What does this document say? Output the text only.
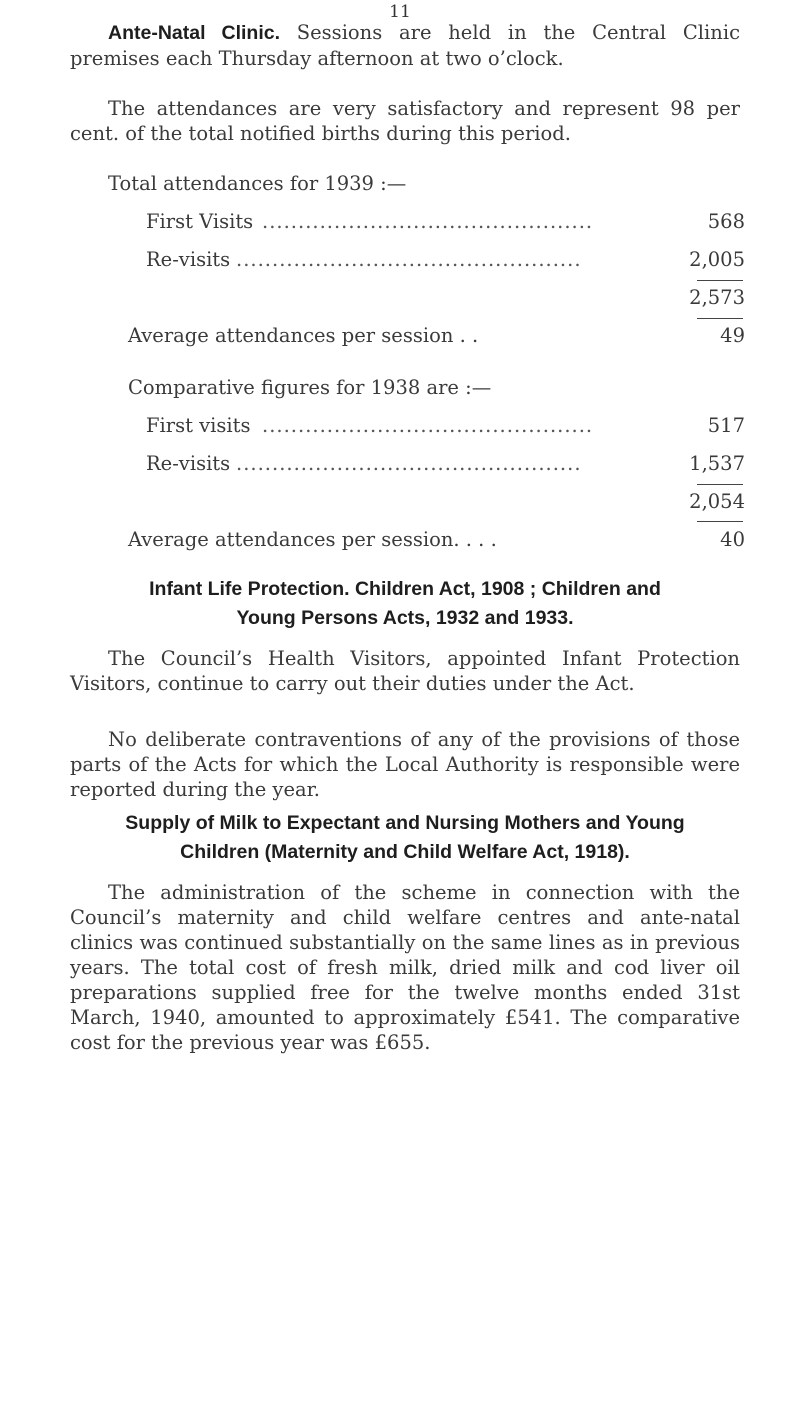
11
Ante-Natal Clinic. Sessions are held in the Central Clinic premises each Thursday afternoon at two o’clock.
The attendances are very satisfactory and represent 98 per cent. of the total notified births during this period.
Total attendances for 1939 :—
First Visits ..............................................	568
Re-visits ................................................	2,005
2,573
Average attendances per session . .	49
Comparative figures for 1938 are :—
First visits ..............................................	517
Re-visits ................................................	1,537
2,054
Average attendances per session. . . .	40
Infant Life Protection. Children Act, 1908 ; Children and
Young Persons Acts, 1932 and 1933.
The Council’s Health Visitors, appointed Infant Protection Visitors, continue to carry out their duties under the Act.
No deliberate contraventions of any of the provisions of those parts of the Acts for which the Local Authority is responsible were reported during the year.
Supply of Milk to Expectant and Nursing Mothers and Young
Children (Maternity and Child Welfare Act, 1918).
The administration of the scheme in connection with the Council’s maternity and child welfare centres and ante-natal clinics was continued substantially on the same lines as in previous years. The total cost of fresh milk, dried milk and cod liver oil preparations supplied free for the twelve months ended 31st March, 1940, amounted to approximately £541. The comparative cost for the previous year was £655.
